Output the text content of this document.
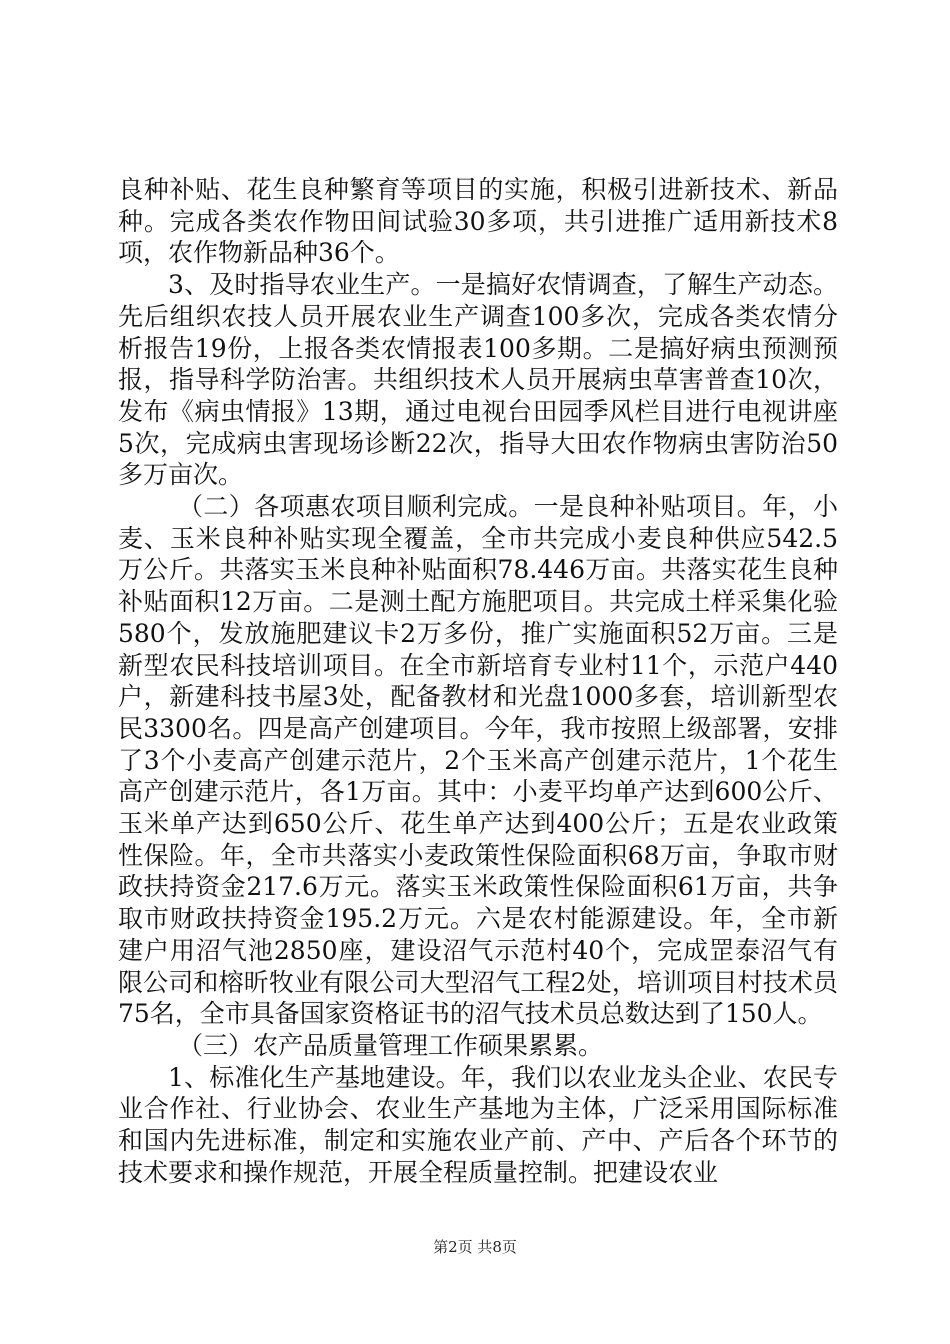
良种补贴、花生良种繁育等项目的实施，积极引进新技术、新品种。完成各类农作物田间试验30多项，共引进推广适用新技术8项，农作物新品种36个。

3、及时指导农业生产。一是搞好农情调查，了解生产动态。先后组织农技人员开展农业生产调查100多次，完成各类农情分析报告19份，上报各类农情报表100多期。二是搞好病虫预测预报，指导科学防治害。共组织技术人员开展病虫草害普查10次，发布《病虫情报》13期，通过电视台田园季风栏目进行电视讲座5次，完成病虫害现场诊断22次，指导大田农作物病虫害防治50多万亩次。

（二）各项惠农项目顺利完成。一是良种补贴项目。年，小麦、玉米良种补贴实现全覆盖，全市共完成小麦良种供应542.5万公斤。共落实玉米良种补贴面积78.446万亩。共落实花生良种补贴面积12万亩。二是测土配方施肥项目。共完成土样采集化验580个，发放施肥建议卡2万多份，推广实施面积52万亩。三是新型农民科技培训项目。在全市新培育专业村11个，示范户440户，新建科技书屋3处，配备教材和光盘1000多套，培训新型农民3300名。四是高产创建项目。今年，我市按照上级部署，安排了3个小麦高产创建示范片，2个玉米高产创建示范片，1个花生高产创建示范片，各1万亩。其中：小麦平均单产达到600公斤、玉米单产达到650公斤、花生单产达到400公斤；五是农业政策性保险。年，全市共落实小麦政策性保险面积68万亩，争取市财政扶持资金217.6万元。落实玉米政策性保险面积61万亩，共争取市财政扶持资金195.2万元。六是农村能源建设。年，全市新建户用沼气池2850座，建设沼气示范村40个，完成罡泰沼气有限公司和榕昕牧业有限公司大型沼气工程2处，培训项目村技术员75名，全市具备国家资格证书的沼气技术员总数达到了150人。

（三）农产品质量管理工作硕果累累。

1、标准化生产基地建设。年，我们以农业龙头企业、农民专业合作社、行业协会、农业生产基地为主体，广泛采用国际标准和国内先进标准，制定和实施农业产前、产中、产后各个环节的技术要求和操作规范，开展全程质量控制。把建设农业

第2页 共8页
